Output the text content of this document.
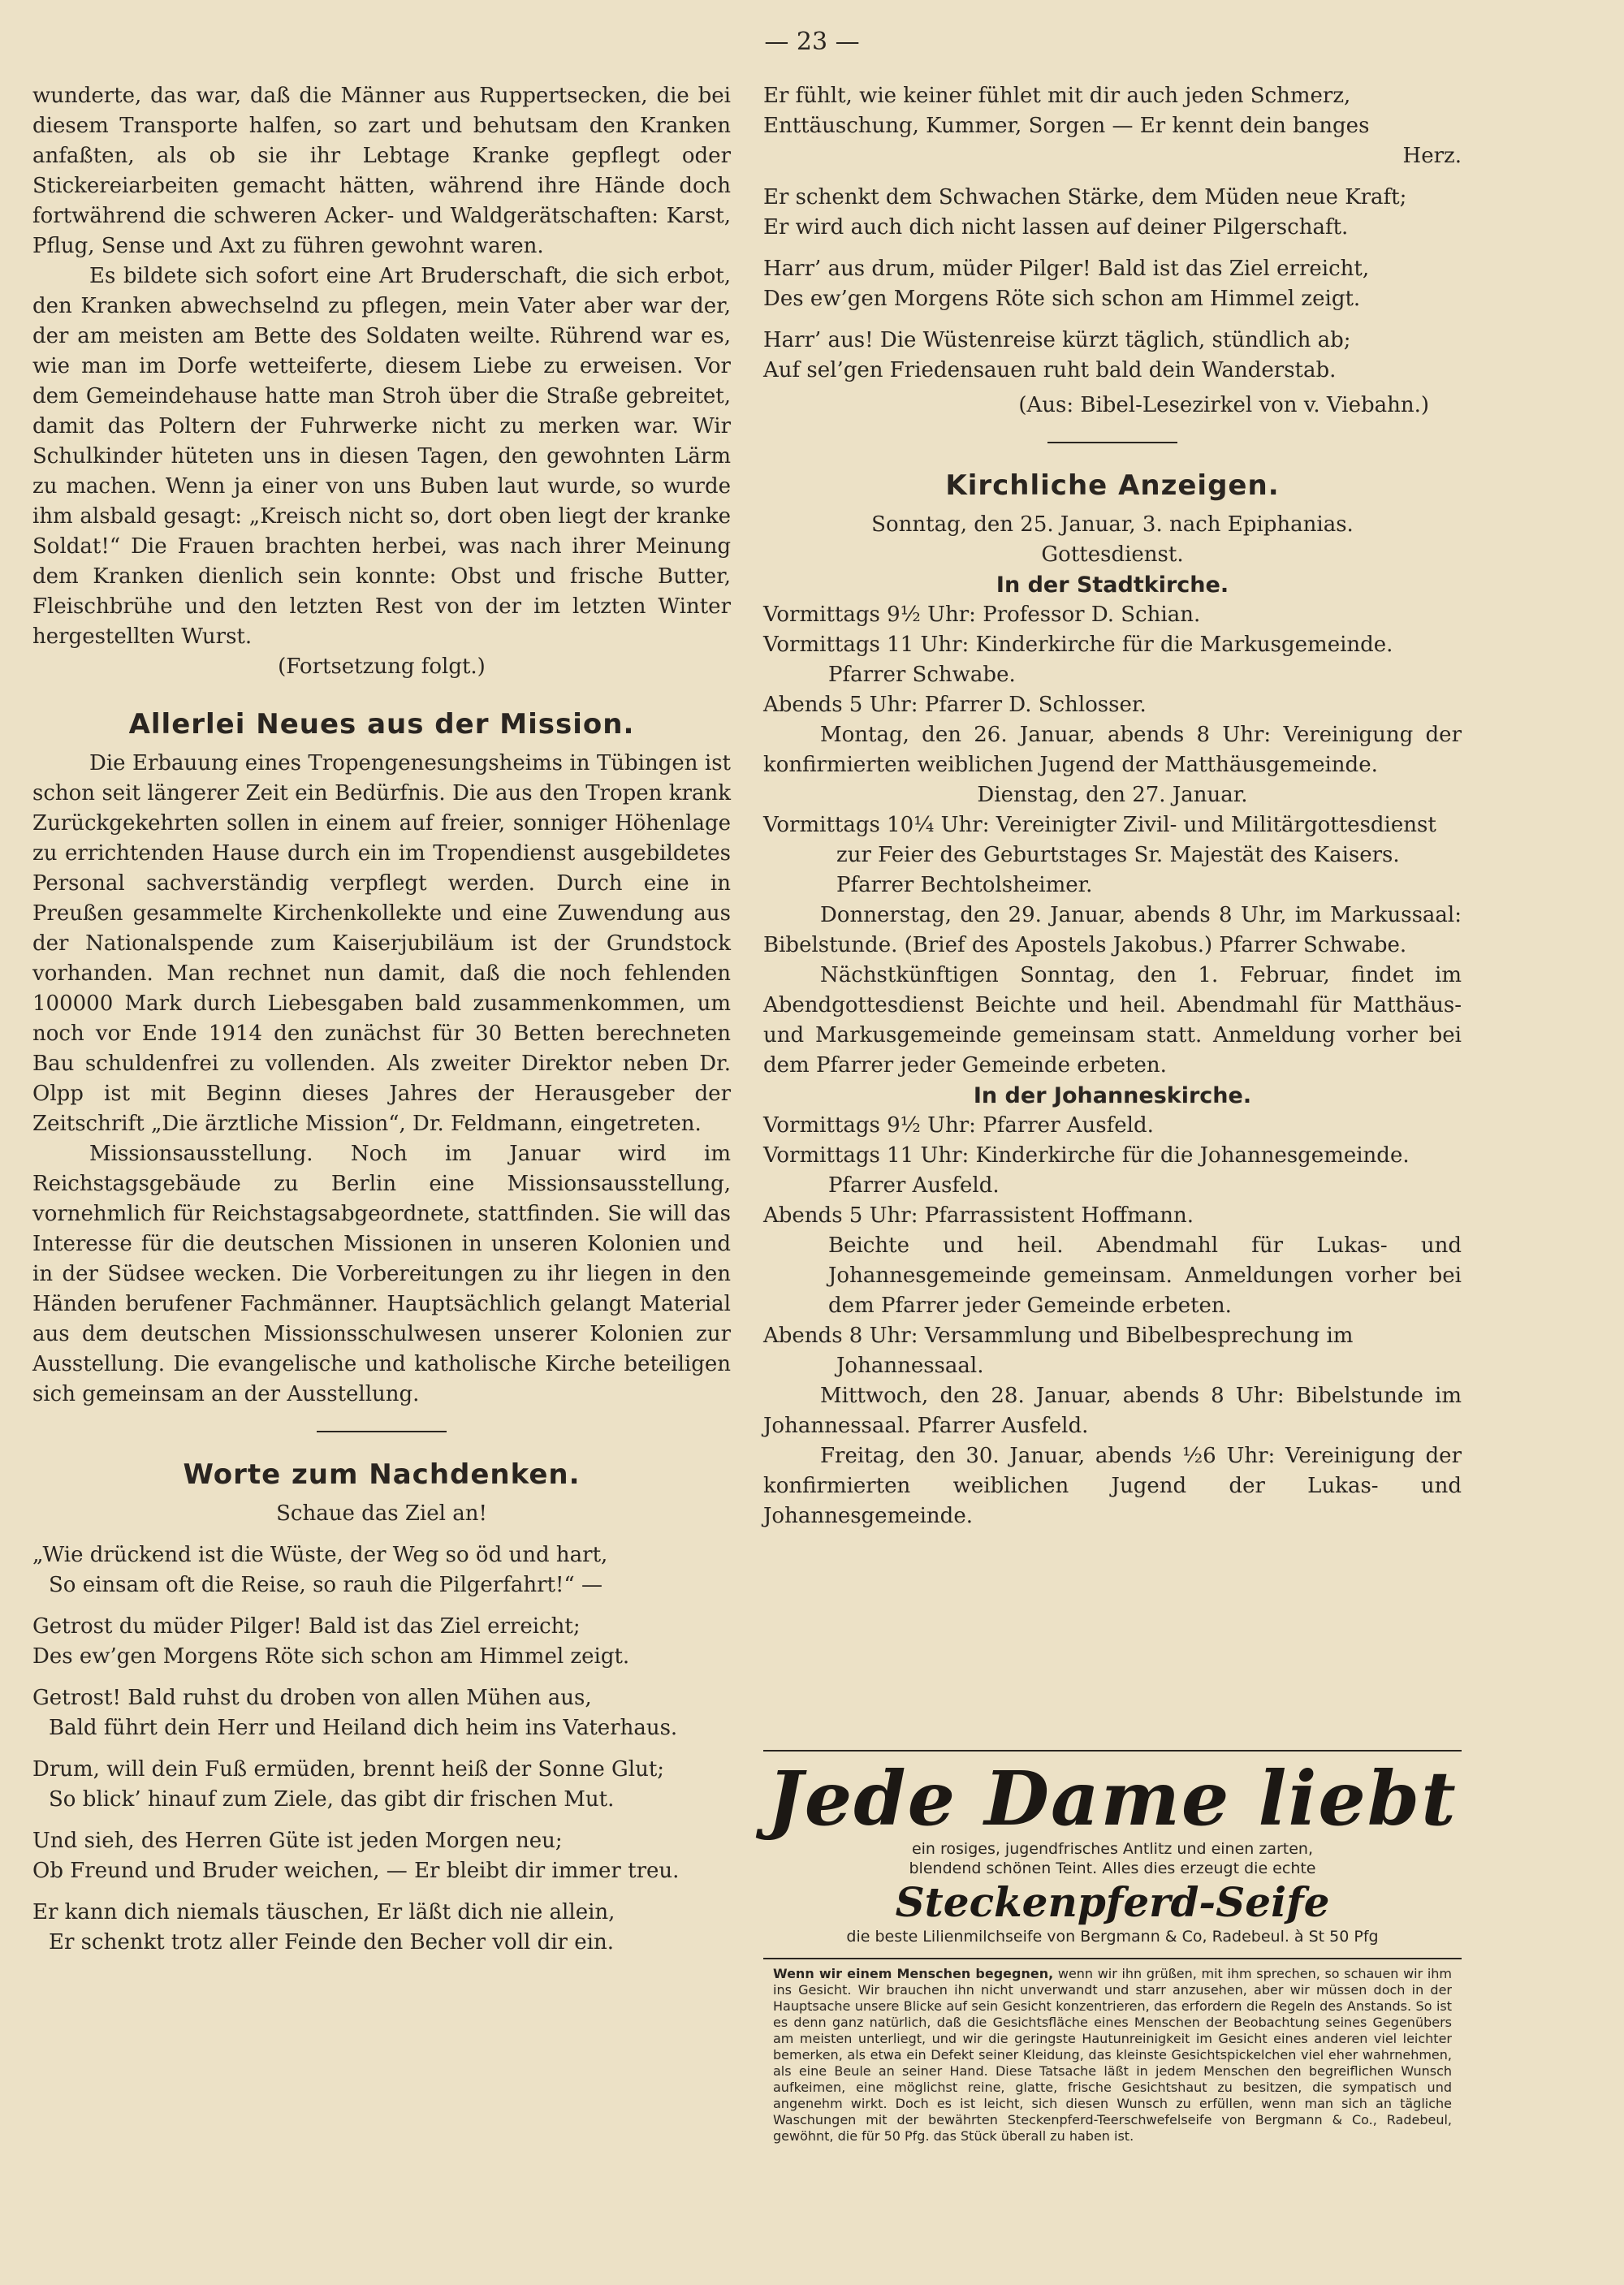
— 23 —

wunderte, das war, daß die Männer aus Ruppertsecken, die bei diesem Transporte halfen, so zart und behutsam den Kranken anfaßten, als ob sie ihr Lebtage Kranke gepflegt oder Stickereiarbeiten gemacht hätten, während ihre Hände doch fortwährend die schweren Acker- und Waldgerätschaften: Karst, Pflug, Sense und Axt zu führen gewohnt waren.

Es bildete sich sofort eine Art Bruderschaft, die sich erbot, den Kranken abwechselnd zu pflegen, mein Vater aber war der, der am meisten am Bette des Soldaten weilte. Rührend war es, wie man im Dorfe wetteiferte, diesem Liebe zu erweisen. Vor dem Gemeindehause hatte man Stroh über die Straße gebreitet, damit das Poltern der Fuhrwerke nicht zu merken war. Wir Schulkinder hüteten uns in diesen Tagen, den gewohnten Lärm zu machen. Wenn ja einer von uns Buben laut wurde, so wurde ihm alsbald gesagt: „Kreisch nicht so, dort oben liegt der kranke Soldat!“ Die Frauen brachten herbei, was nach ihrer Meinung dem Kranken dienlich sein konnte: Obst und frische Butter, Fleischbrühe und den letzten Rest von der im letzten Winter hergestellten Wurst.

(Fortsetzung folgt.)

Allerlei Neues aus der Mission.

Die Erbauung eines Tropengenesungsheims in Tübingen ist schon seit längerer Zeit ein Bedürfnis. Die aus den Tropen krank Zurückgekehrten sollen in einem auf freier, sonniger Höhenlage zu errichtenden Hause durch ein im Tropendienst ausgebildetes Personal sachverständig verpflegt werden. Durch eine in Preußen gesammelte Kirchenkollekte und eine Zuwendung aus der Nationalspende zum Kaiserjubiläum ist der Grundstock vorhanden. Man rechnet nun damit, daß die noch fehlenden 100000 Mark durch Liebesgaben bald zusammenkommen, um noch vor Ende 1914 den zunächst für 30 Betten berechneten Bau schuldenfrei zu vollenden. Als zweiter Direktor neben Dr. Olpp ist mit Beginn dieses Jahres der Herausgeber der Zeitschrift „Die ärztliche Mission“, Dr. Feldmann, eingetreten.

Missionsausstellung. Noch im Januar wird im Reichstagsgebäude zu Berlin eine Missionsausstellung, vornehmlich für Reichstagsabgeordnete, stattfinden. Sie will das Interesse für die deutschen Missionen in unseren Kolonien und in der Südsee wecken. Die Vorbereitungen zu ihr liegen in den Händen berufener Fachmänner. Hauptsächlich gelangt Material aus dem deutschen Missionsschulwesen unserer Kolonien zur Ausstellung. Die evangelische und katholische Kirche beteiligen sich gemeinsam an der Ausstellung.

Worte zum Nachdenken.

Schaue das Ziel an!

„Wie drückend ist die Wüste, der Weg so öd und hart,

So einsam oft die Reise, so rauh die Pilgerfahrt!“ —

Getrost du müder Pilger! Bald ist das Ziel erreicht;

Des ew’gen Morgens Röte sich schon am Himmel zeigt.

Getrost! Bald ruhst du droben von allen Mühen aus,

Bald führt dein Herr und Heiland dich heim ins Vaterhaus.

Drum, will dein Fuß ermüden, brennt heiß der Sonne Glut;

So blick’ hinauf zum Ziele, das gibt dir frischen Mut.

Und sieh, des Herren Güte ist jeden Morgen neu;

Ob Freund und Bruder weichen, — Er bleibt dir immer treu.

Er kann dich niemals täuschen, Er läßt dich nie allein,

Er schenkt trotz aller Feinde den Becher voll dir ein.

Er fühlt, wie keiner fühlet mit dir auch jeden Schmerz,

Enttäuschung, Kummer, Sorgen — Er kennt dein banges

Herz.

Er schenkt dem Schwachen Stärke, dem Müden neue Kraft;

Er wird auch dich nicht lassen auf deiner Pilgerschaft.

Harr’ aus drum, müder Pilger! Bald ist das Ziel erreicht,

Des ew’gen Morgens Röte sich schon am Himmel zeigt.

Harr’ aus! Die Wüstenreise kürzt täglich, stündlich ab;

Auf sel’gen Friedensauen ruht bald dein Wanderstab.

(Aus: Bibel-Lesezirkel von v. Viebahn.)

Kirchliche Anzeigen.

Sonntag, den 25. Januar, 3. nach Epiphanias.

Gottesdienst.

In der Stadtkirche.

Vormittags 9½ Uhr: Professor D. Schian.

Vormittags 11 Uhr: Kinderkirche für die Markusgemeinde.

Pfarrer Schwabe.

Abends 5 Uhr: Pfarrer D. Schlosser.

Montag, den 26. Januar, abends 8 Uhr: Vereinigung der konfirmierten weiblichen Jugend der Matthäusgemeinde.

Dienstag, den 27. Januar.

Vormittags 10¼ Uhr: Vereinigter Zivil- und Militärgottesdienst zur Feier des Geburtstages Sr. Majestät des Kaisers. Pfarrer Bechtolsheimer.

Donnerstag, den 29. Januar, abends 8 Uhr, im Markussaal: Bibelstunde. (Brief des Apostels Jakobus.) Pfarrer Schwabe.

Nächstkünftigen Sonntag, den 1. Februar, findet im Abendgottesdienst Beichte und heil. Abendmahl für Matthäus- und Markusgemeinde gemeinsam statt. Anmeldung vorher bei dem Pfarrer jeder Gemeinde erbeten.

In der Johanneskirche.

Vormittags 9½ Uhr: Pfarrer Ausfeld.

Vormittags 11 Uhr: Kinderkirche für die Johannesgemeinde.

Pfarrer Ausfeld.

Abends 5 Uhr: Pfarrassistent Hoffmann.

Beichte und heil. Abendmahl für Lukas- und Johannesgemeinde gemeinsam. Anmeldungen vorher bei dem Pfarrer jeder Gemeinde erbeten.

Abends 8 Uhr: Versammlung und Bibelbesprechung im Johannessaal.

Mittwoch, den 28. Januar, abends 8 Uhr: Bibelstunde im Johannessaal. Pfarrer Ausfeld.

Freitag, den 30. Januar, abends ½6 Uhr: Vereinigung der konfirmierten weiblichen Jugend der Lukas- und Johannesgemeinde.

Jede Dame liebt
ein rosiges, jugendfrisches Antlitz und einen zarten,
blendend schönen Teint. Alles dies erzeugt die echte
Steckenpferd-Seife
die beste Lilienmilchseife von Bergmann & Co, Radebeul. à St 50 Pfg
Wenn wir einem Menschen begegnen, wenn wir ihn grüßen, mit ihm sprechen, so schauen wir ihm ins Gesicht. Wir brauchen ihn nicht unverwandt und starr anzusehen, aber wir müssen doch in der Hauptsache unsere Blicke auf sein Gesicht konzentrieren, das erfordern die Regeln des Anstands. So ist es denn ganz natürlich, daß die Gesichtsfläche eines Menschen der Beobachtung seines Gegenübers am meisten unterliegt, und wir die geringste Hautunreinigkeit im Gesicht eines anderen viel leichter bemerken, als etwa ein Defekt seiner Kleidung, das kleinste Gesichtspickelchen viel eher wahrnehmen, als eine Beule an seiner Hand. Diese Tatsache läßt in jedem Menschen den begreiflichen Wunsch aufkeimen, eine möglichst reine, glatte, frische Gesichtshaut zu besitzen, die sympatisch und angenehm wirkt. Doch es ist leicht, sich diesen Wunsch zu erfüllen, wenn man sich an tägliche Waschungen mit der bewährten Steckenpferd-Teerschwefelseife von Bergmann & Co., Radebeul, gewöhnt, die für 50 Pfg. das Stück überall zu haben ist.
